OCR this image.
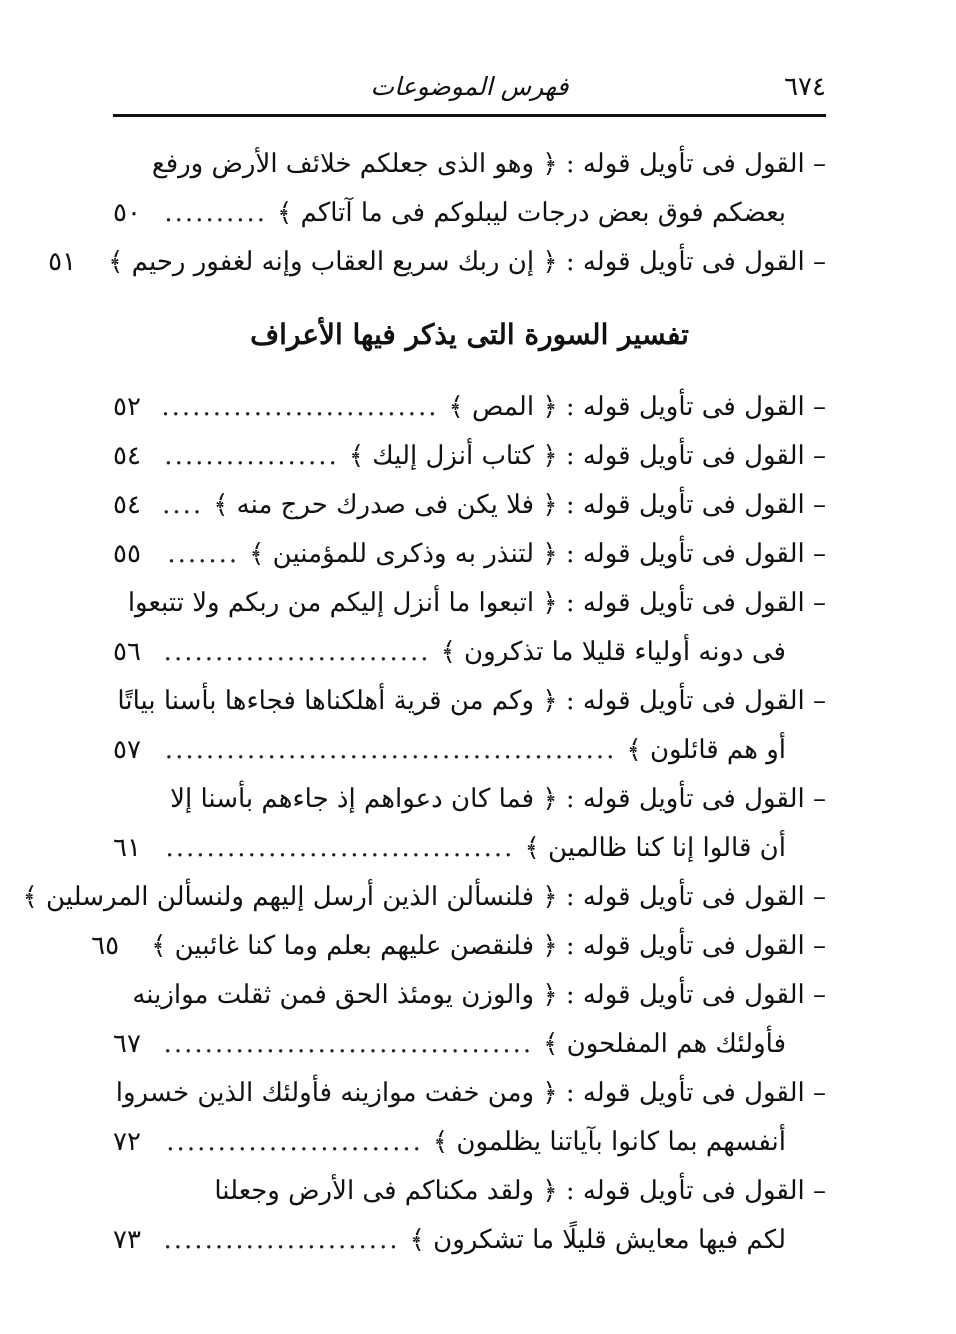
٦٧٤
فهرس الموضوعات
– القول فى تأويل قوله : ﴿ وهو الذى جعلكم خلائف الأرض ورفع
بعضكم فوق بعض درجات ليبلوكم فى ما آتاكم ﴾
.....
٥٠
– القول فى تأويل قوله : ﴿ إن ربك سريع العقاب وإنه لغفور رحيم ﴾
٥١
تفسير السورة التى يذكر فيها الأعراف
– القول فى تأويل قوله : ﴿ المص ﴾
.....
٥٢
– القول فى تأويل قوله : ﴿ كتاب أنزل إليك ﴾
.....
٥٤
– القول فى تأويل قوله : ﴿ فلا يكن فى صدرك حرج منه ﴾
.....
٥٤
– القول فى تأويل قوله : ﴿ لتنذر به وذكرى للمؤمنين ﴾
.....
٥٥
– القول فى تأويل قوله : ﴿ اتبعوا ما أنزل إليكم من ربكم ولا تتبعوا
فى دونه أولياء قليلا ما تذكرون ﴾
.....
٥٦
– القول فى تأويل قوله : ﴿ وكم من قرية أهلكناها فجاءها بأسنا بياتًا
أو هم قائلون ﴾
.....
٥٧
– القول فى تأويل قوله : ﴿ فما كان دعواهم إذ جاءهم بأسنا إلا
أن قالوا إنا كنا ظالمين ﴾
.....
٦١
– القول فى تأويل قوله : ﴿ فلنسألن الذين أرسل إليهم ولنسألن المرسلين ﴾
– القول فى تأويل قوله : ﴿ فلنقصن عليهم بعلم وما كنا غائبين ﴾
٦٥
– القول فى تأويل قوله : ﴿ والوزن يومئذ الحق فمن ثقلت موازينه
فأولئك هم المفلحون ﴾
.....
٦٧
– القول فى تأويل قوله : ﴿ ومن خفت موازينه فأولئك الذين خسروا
أنفسهم بما كانوا بآياتنا يظلمون ﴾
.....
٧٢
– القول فى تأويل قوله : ﴿ ولقد مكناكم فى الأرض وجعلنا
لكم فيها معايش قليلًا ما تشكرون ﴾
.....
٧٣
